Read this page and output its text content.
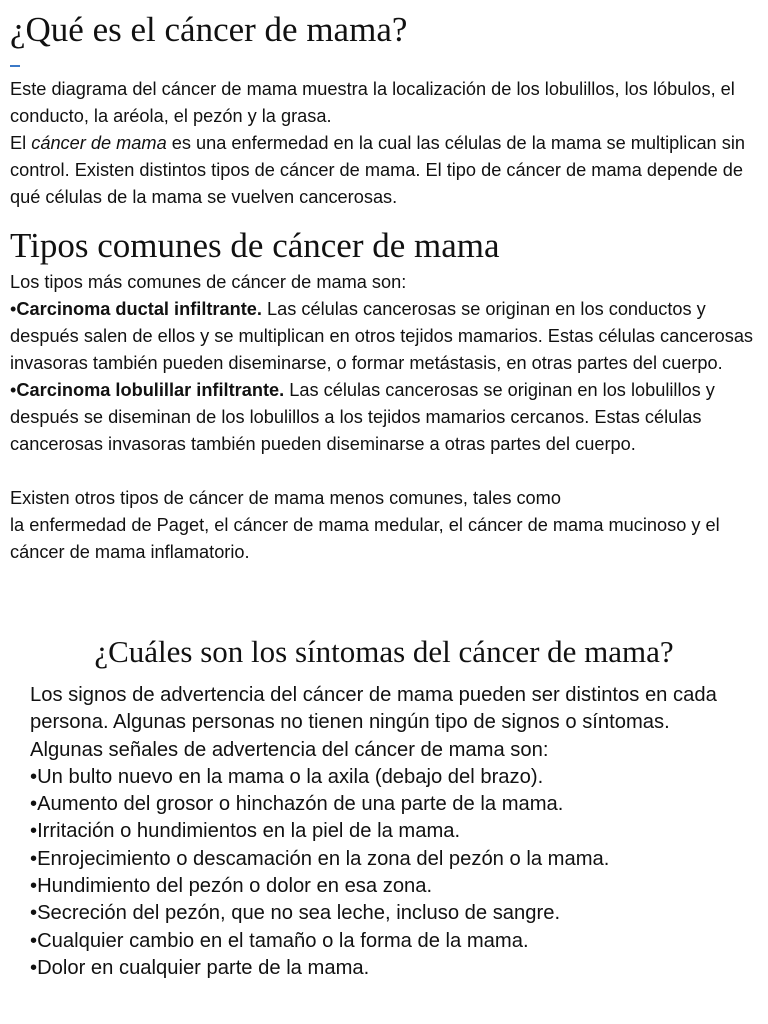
¿Qué es el cáncer de mama?

Este diagrama del cáncer de mama muestra la localización de los lobulillos, los lóbulos, el conducto, la aréola, el pezón y la grasa.

El cáncer de mama es una enfermedad en la cual las células de la mama se multiplican sin control. Existen distintos tipos de cáncer de mama. El tipo de cáncer de mama depende de qué células de la mama se vuelven cancerosas.

Tipos comunes de cáncer de mama

Los tipos más comunes de cáncer de mama son:

•Carcinoma ductal infiltrante. Las células cancerosas se originan en los conductos y después salen de ellos y se multiplican en otros tejidos mamarios. Estas células cancerosas invasoras también pueden diseminarse, o formar metástasis, en otras partes del cuerpo.

•Carcinoma lobulillar infiltrante. Las células cancerosas se originan en los lobulillos y después se diseminan de los lobulillos a los tejidos mamarios cercanos. Estas células cancerosas invasoras también pueden diseminarse a otras partes del cuerpo.

Existen otros tipos de cáncer de mama menos comunes, tales como

la enfermedad de Paget, el cáncer de mama medular, el cáncer de mama mucinoso y el cáncer de mama inflamatorio.

¿Cuáles son los síntomas del cáncer de mama?

Los signos de advertencia del cáncer de mama pueden ser distintos en cada persona. Algunas personas no tienen ningún tipo de signos o síntomas.

Algunas señales de advertencia del cáncer de mama son:

•Un bulto nuevo en la mama o la axila (debajo del brazo).

•Aumento del grosor o hinchazón de una parte de la mama.

•Irritación o hundimientos en la piel de la mama.

•Enrojecimiento o descamación en la zona del pezón o la mama.

•Hundimiento del pezón o dolor en esa zona.

•Secreción del pezón, que no sea leche, incluso de sangre.

•Cualquier cambio en el tamaño o la forma de la mama.

•Dolor en cualquier parte de la mama.
